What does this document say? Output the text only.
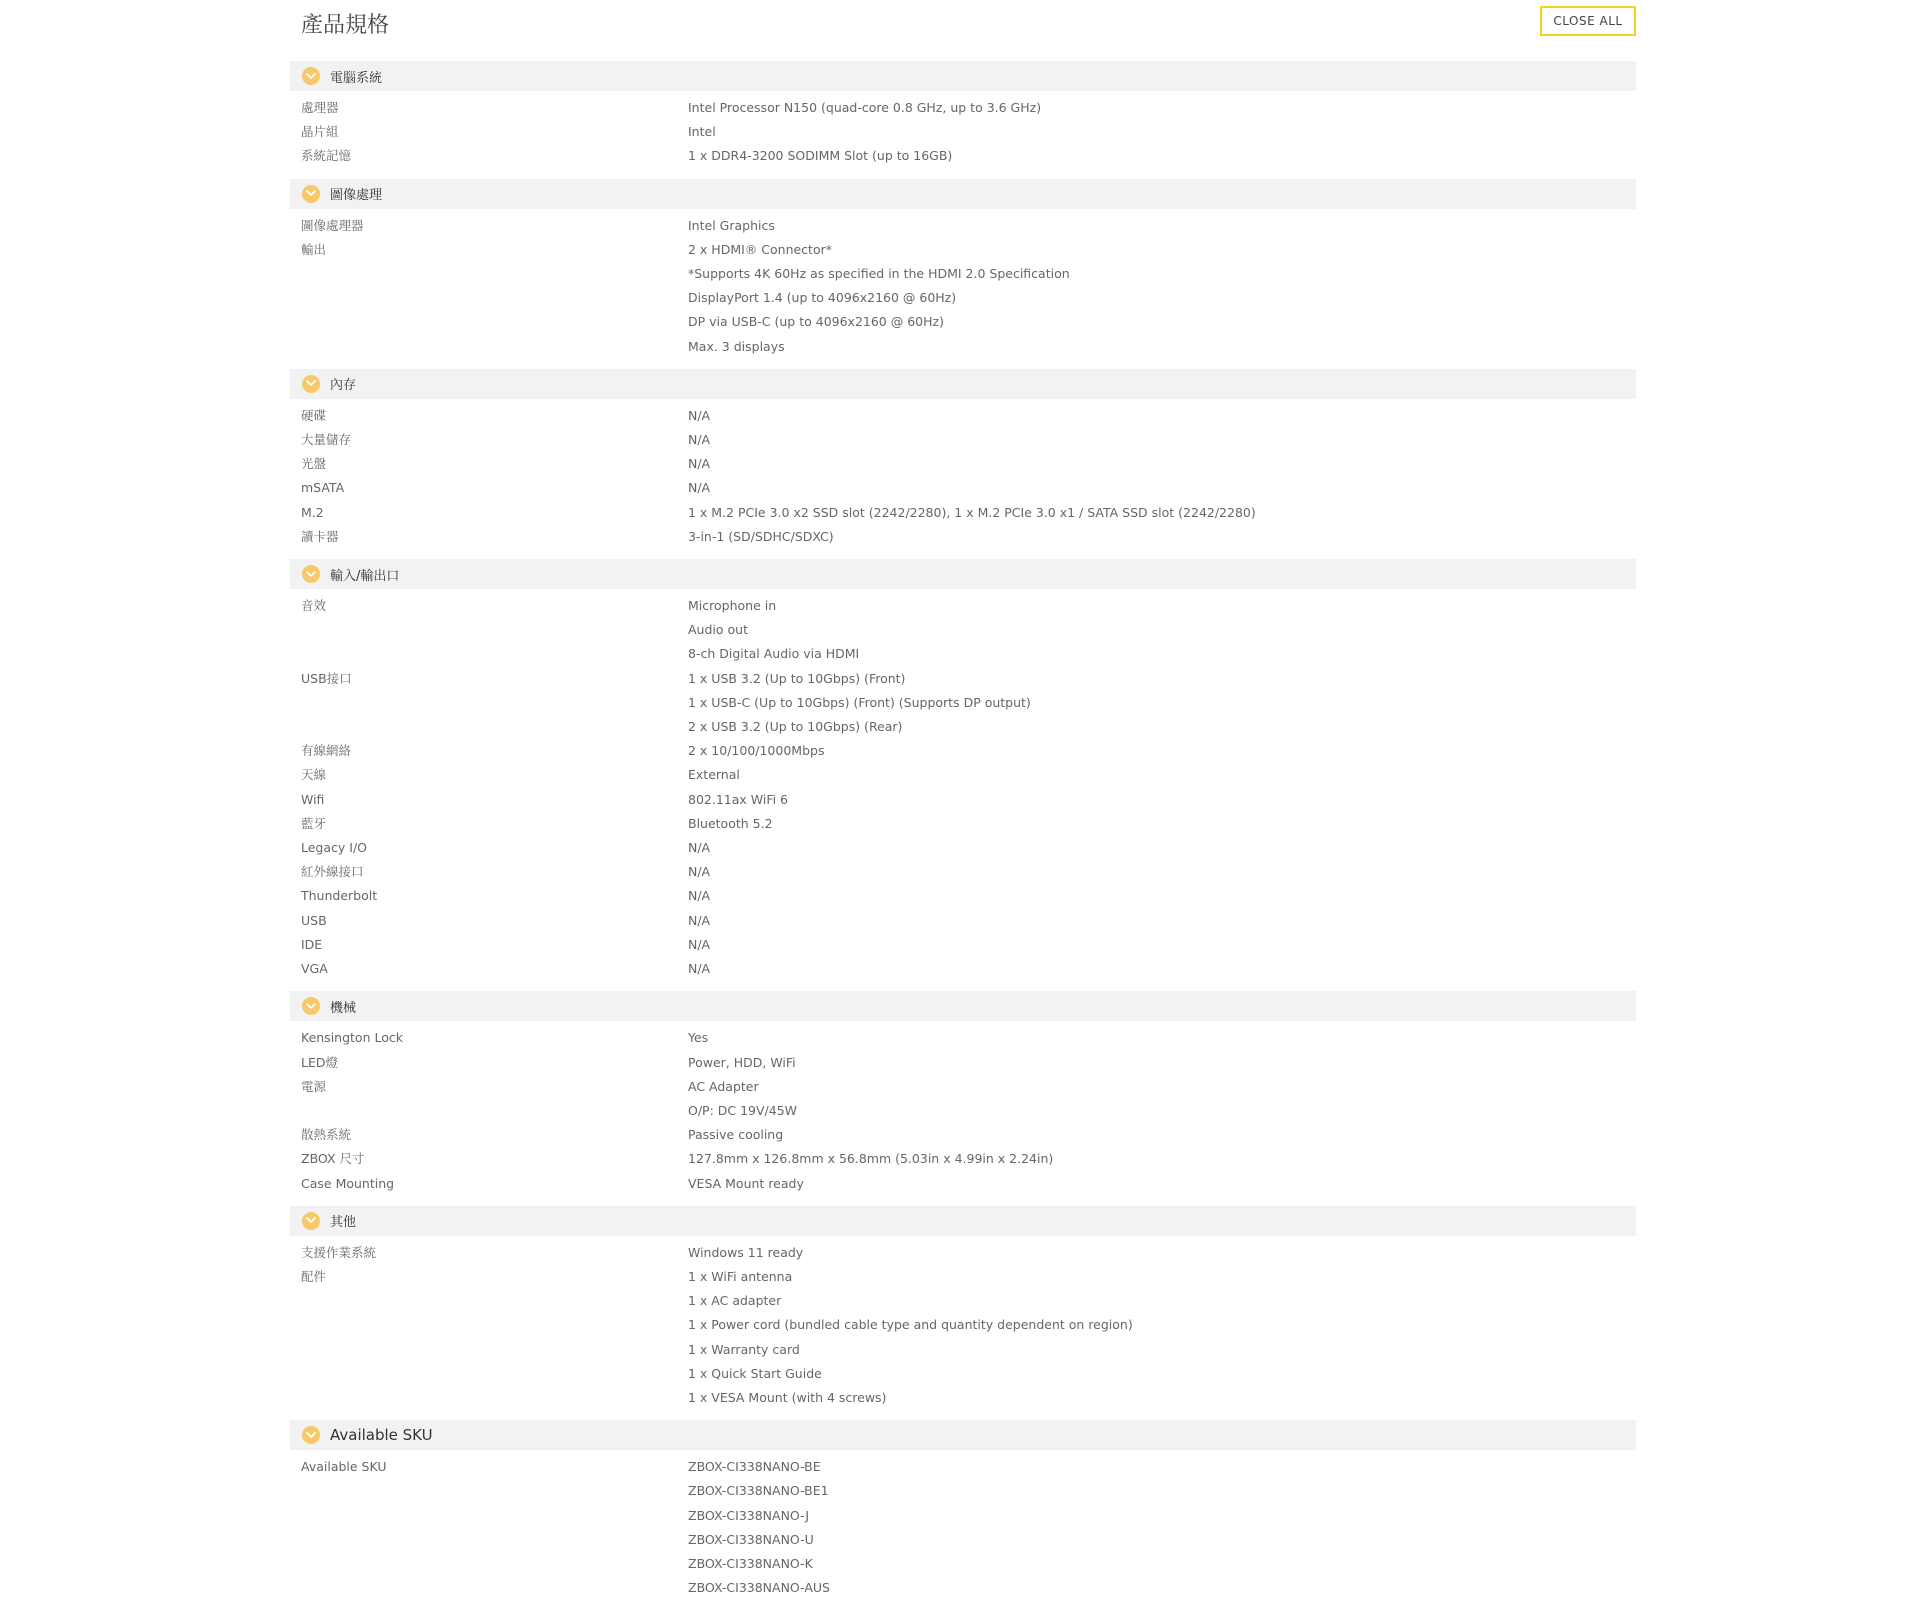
產品規格	CLOSE ALL
電腦系統
處理器	Intel Processor N150 (quad-core 0.8 GHz, up to 3.6 GHz)
晶片組	Intel
系統記憶	1 x DDR4-3200 SODIMM Slot (up to 16GB)
圖像處理
圖像處理器	Intel Graphics
輸出	2 x HDMI® Connector*
*Supports 4K 60Hz as specified in the HDMI 2.0 Specification
DisplayPort 1.4 (up to 4096x2160 @ 60Hz)
DP via USB-C (up to 4096x2160 @ 60Hz)
Max. 3 displays
內存
硬碟	N/A
大量儲存	N/A
光盤	N/A
mSATA	N/A
M.2	1 x M.2 PCIe 3.0 x2 SSD slot (2242/2280), 1 x M.2 PCIe 3.0 x1 / SATA SSD slot (2242/2280)
讀卡器	3-in-1 (SD/SDHC/SDXC)
輸入/輸出口
音效	Microphone in
Audio out
8-ch Digital Audio via HDMI
USB接口	1 x USB 3.2 (Up to 10Gbps) (Front)
1 x USB-C (Up to 10Gbps) (Front) (Supports DP output)
2 x USB 3.2 (Up to 10Gbps) (Rear)
有線網絡	2 x 10/100/1000Mbps
天線	External
Wifi	802.11ax WiFi 6
藍牙	Bluetooth 5.2
Legacy I/O	N/A
紅外線接口	N/A
Thunderbolt	N/A
USB	N/A
IDE	N/A
VGA	N/A
機械
Kensington Lock	Yes
LED燈	Power, HDD, WiFi
電源	AC Adapter
O/P: DC 19V/45W
散熱系統	Passive cooling
ZBOX 尺寸	127.8mm x 126.8mm x 56.8mm (5.03in x 4.99in x 2.24in)
Case Mounting	VESA Mount ready
其他
支援作業系統	Windows 11 ready
配件	1 x WiFi antenna
1 x AC adapter
1 x Power cord (bundled cable type and quantity dependent on region)
1 x Warranty card
1 x Quick Start Guide
1 x VESA Mount (with 4 screws)
Available SKU
Available SKU	ZBOX-CI338NANO-BE
ZBOX-CI338NANO-BE1
ZBOX-CI338NANO-J
ZBOX-CI338NANO-U
ZBOX-CI338NANO-K
ZBOX-CI338NANO-AUS
